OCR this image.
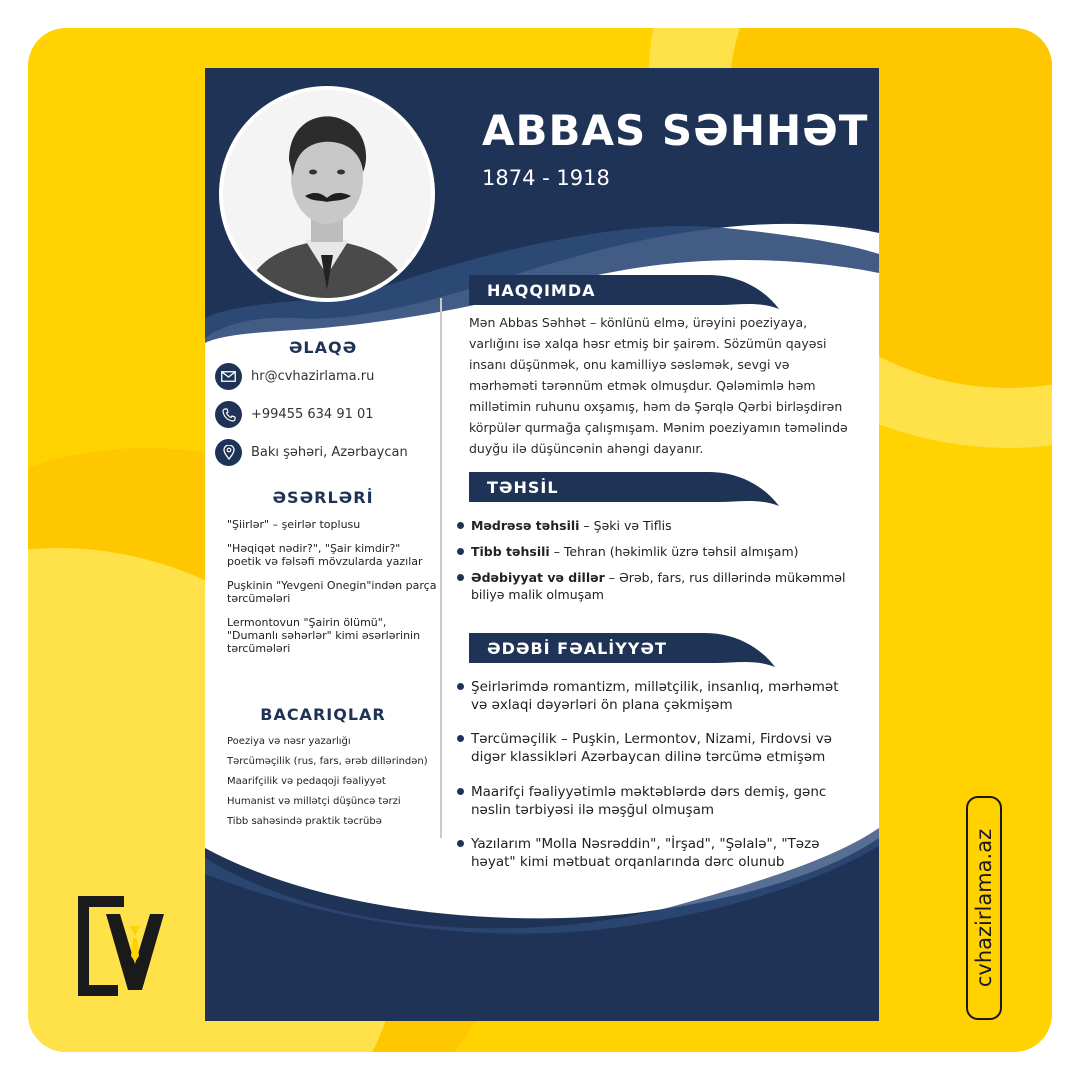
ABBAS SƏHHƏT
1874 - 1918
ƏLAQƏ
hr@cvhazirlama.ru
+99455 634 91 01
Bakı şəhəri, Azərbaycan
ƏSƏRLƏRİ
"Şiirlər" – şeirlər toplusu
"Həqiqət nədir?", "Şair kimdir?" poetik və fəlsəfi mövzularda yazılar
Puşkinin "Yevgeni Onegin"indən parça tərcümələri
Lermontovun "Şairin ölümü", "Dumanlı səhərlər" kimi əsərlərinin tərcümələri
BACARIQLAR
Poeziya və nəsr yazarlığı
Tərcüməçilik (rus, fars, ərəb dillərindən)
Maarifçilik və pedaqoji fəaliyyət
Humanist və millətçi düşüncə tərzi
Tibb sahəsində praktik təcrübə
HAQQIMDA
Mən Abbas Səhhət – könlünü elmə, ürəyini poeziyaya, varlığını isə xalqa həsr etmiş bir şairəm. Sözümün qayəsi insanı düşünmək, onu kamilliyə səsləmək, sevgi və mərhəməti tərənnüm etmək olmuşdur. Qələmimlə həm millətimin ruhunu oxşamış, həm də Şərqlə Qərbi birləşdirən körpülər qurmağa çalışmışam. Mənim poeziyamın təməlində duyğu ilə düşüncənin ahəngi dayanır.
TƏHSİL
Mədrəsə təhsili – Şəki və Tiflis
Tibb təhsili – Tehran (həkimlik üzrə təhsil almışam)
Ədəbiyyat və dillər – Ərəb, fars, rus dillərində mükəmməl biliyə malik olmuşam
ƏDƏBİ FƏALİYYƏT
Şeirlərimdə romantizm, millətçilik, insanlıq, mərhəmət və əxlaqi dəyərləri ön plana çəkmişəm
Tərcüməçilik – Puşkin, Lermontov, Nizami, Firdovsi və digər klassikləri Azərbaycan dilinə tərcümə etmişəm
Maarifçi fəaliyyətimlə məktəblərdə dərs demiş, gənc nəslin tərbiyəsi ilə məşğul olmuşam
Yazılarım "Molla Nəsrəddin", "İrşad", "Şəlalə", "Təzə həyat" kimi mətbuat orqanlarında dərc olunub	cvhazirlama.az
